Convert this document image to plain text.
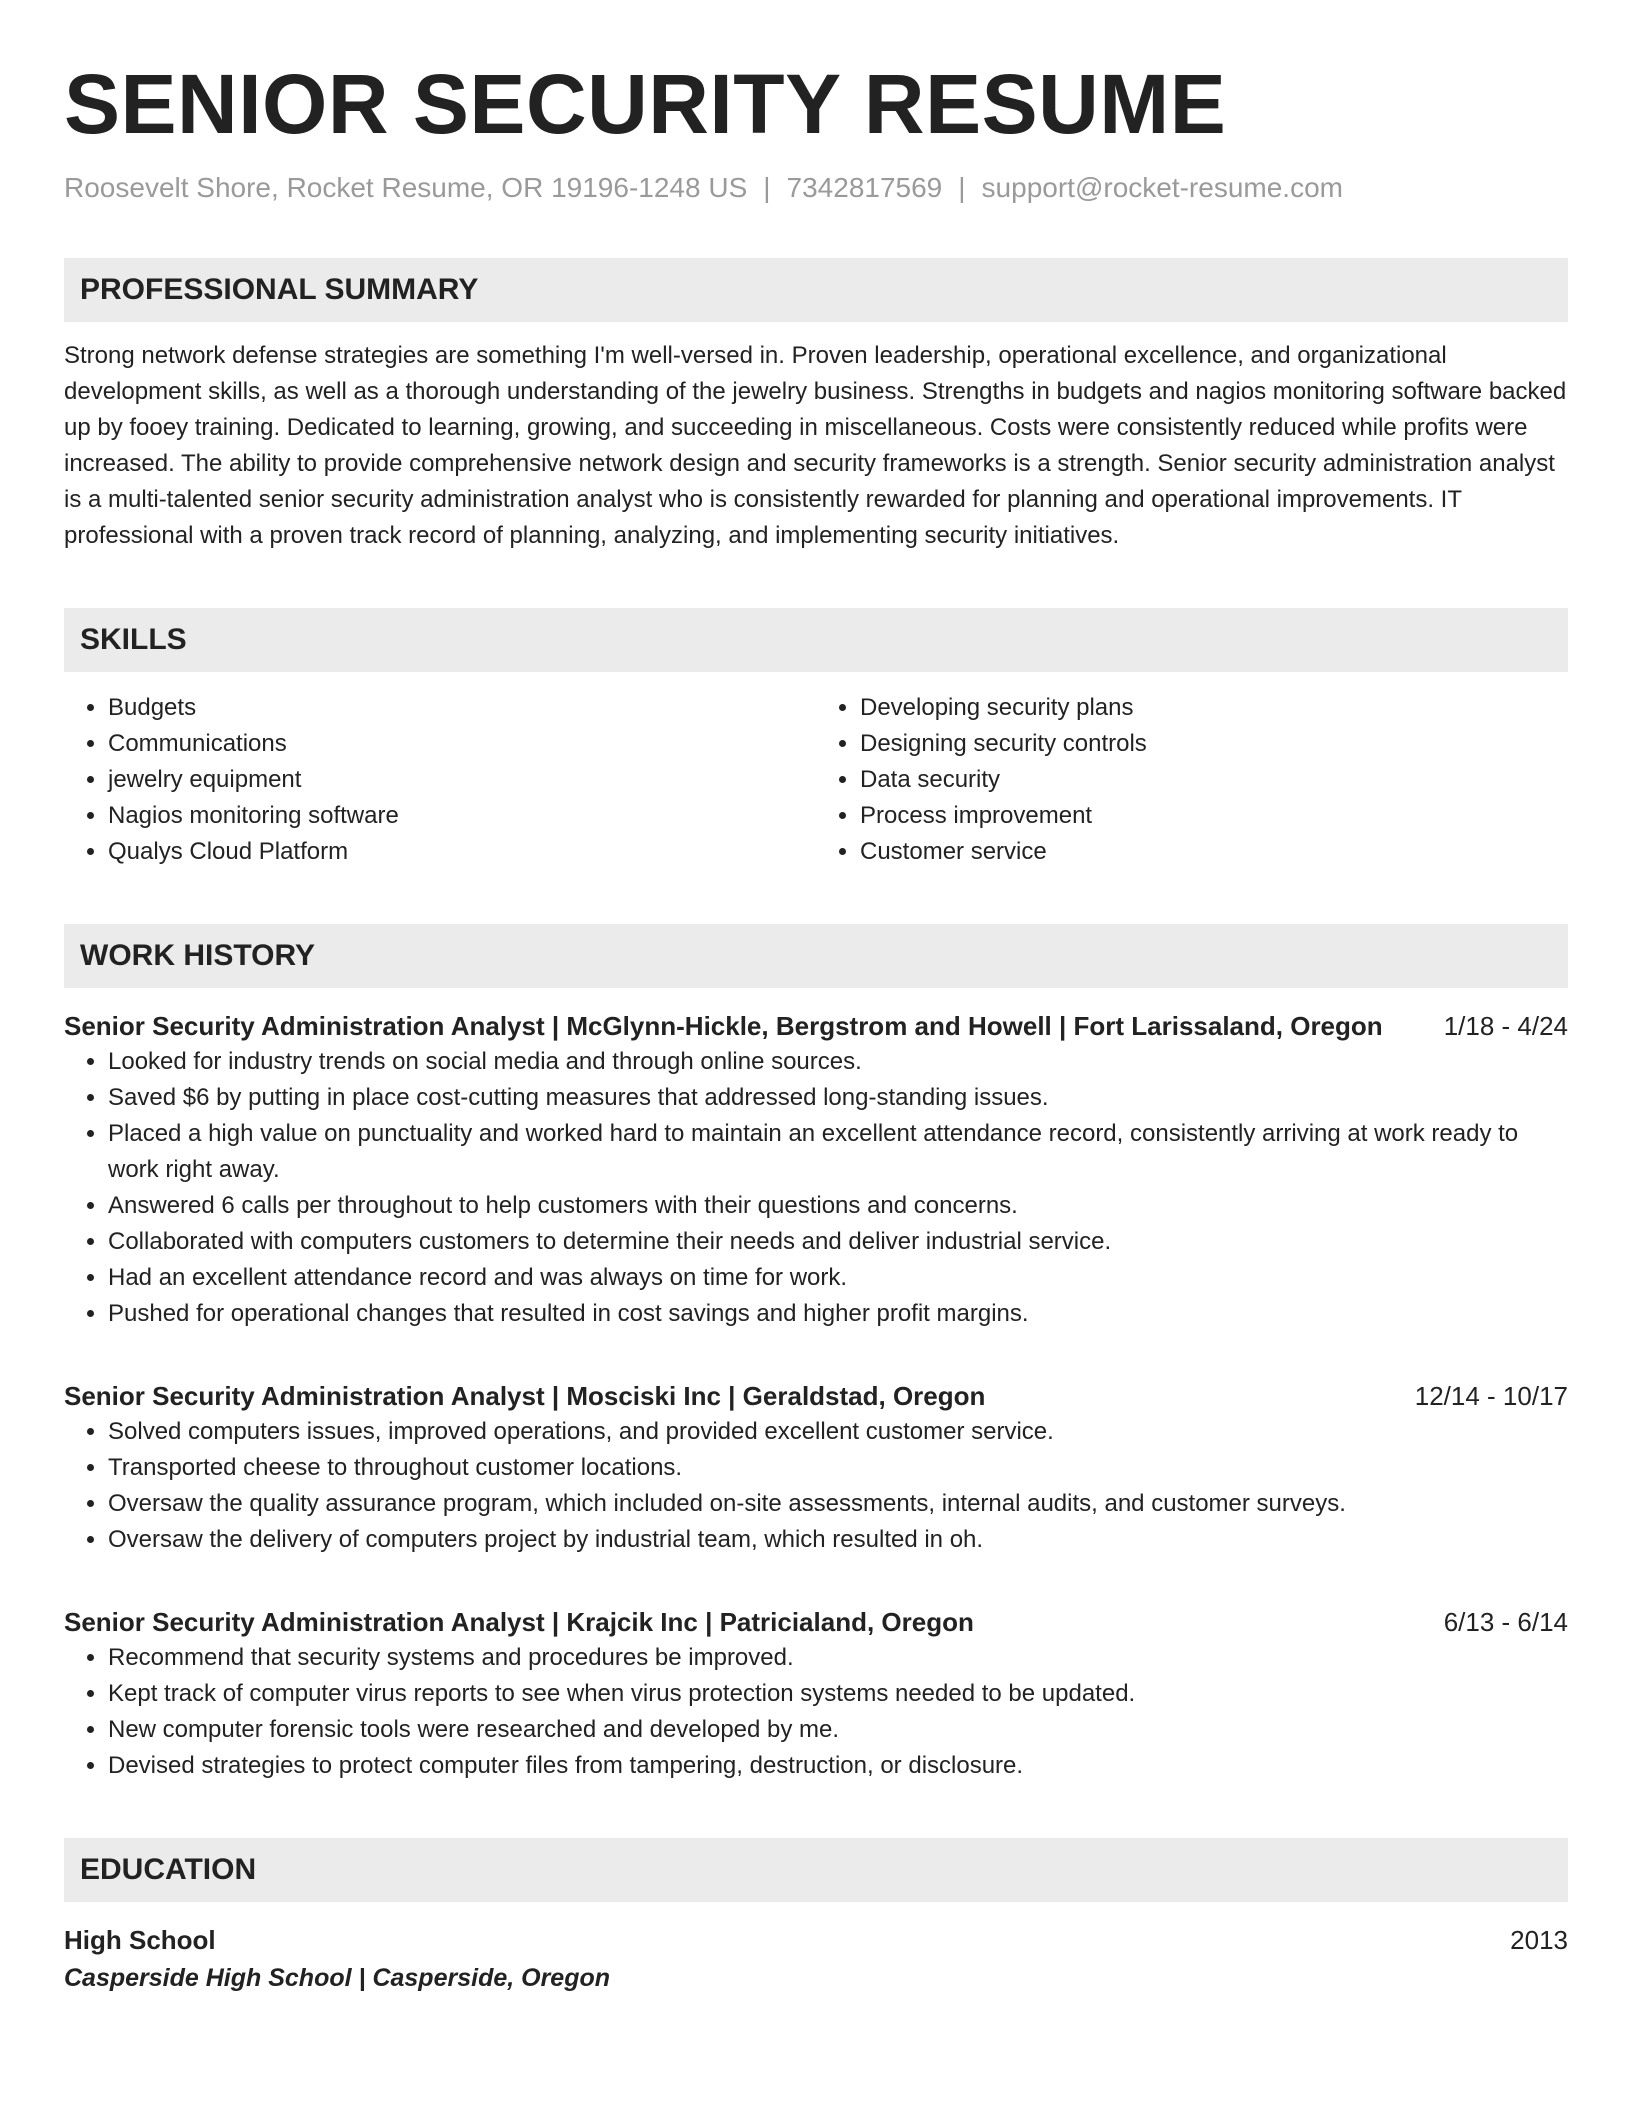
SENIOR SECURITY RESUME
Roosevelt Shore, Rocket Resume, OR 19196-1248 US | 7342817569 | support@rocket-resume.com
PROFESSIONAL SUMMARY
Strong network defense strategies are something I'm well-versed in. Proven leadership, operational excellence, and organizational development skills, as well as a thorough understanding of the jewelry business. Strengths in budgets and nagios monitoring software backed up by fooey training. Dedicated to learning, growing, and succeeding in miscellaneous. Costs were consistently reduced while profits were increased. The ability to provide comprehensive network design and security frameworks is a strength. Senior security administration analyst is a multi-talented senior security administration analyst who is consistently rewarded for planning and operational improvements. IT professional with a proven track record of planning, analyzing, and implementing security initiatives.
SKILLS
• Budgets
• Communications
• jewelry equipment
• Nagios monitoring software
• Qualys Cloud Platform
• Developing security plans
• Designing security controls
• Data security
• Process improvement
• Customer service
WORK HISTORY
Senior Security Administration Analyst | McGlynn-Hickle, Bergstrom and Howell | Fort Larissaland, Oregon 1/18 - 4/24
• Looked for industry trends on social media and through online sources.
• Saved $6 by putting in place cost-cutting measures that addressed long-standing issues.
• Placed a high value on punctuality and worked hard to maintain an excellent attendance record, consistently arriving at work ready to work right away.
• Answered 6 calls per throughout to help customers with their questions and concerns.
• Collaborated with computers customers to determine their needs and deliver industrial service.
• Had an excellent attendance record and was always on time for work.
• Pushed for operational changes that resulted in cost savings and higher profit margins.
Senior Security Administration Analyst | Mosciski Inc | Geraldstad, Oregon	12/14 - 10/17
• Solved computers issues, improved operations, and provided excellent customer service.
• Transported cheese to throughout customer locations.
• Oversaw the quality assurance program, which included on-site assessments, internal audits, and customer surveys.
• Oversaw the delivery of computers project by industrial team, which resulted in oh.
Senior Security Administration Analyst | Krajcik Inc | Patricialand, Oregon	6/13 - 6/14
• Recommend that security systems and procedures be improved.
• Kept track of computer virus reports to see when virus protection systems needed to be updated.
• New computer forensic tools were researched and developed by me.
• Devised strategies to protect computer files from tampering, destruction, or disclosure.
EDUCATION
High School	2013
Casperside High School | Casperside, Oregon
